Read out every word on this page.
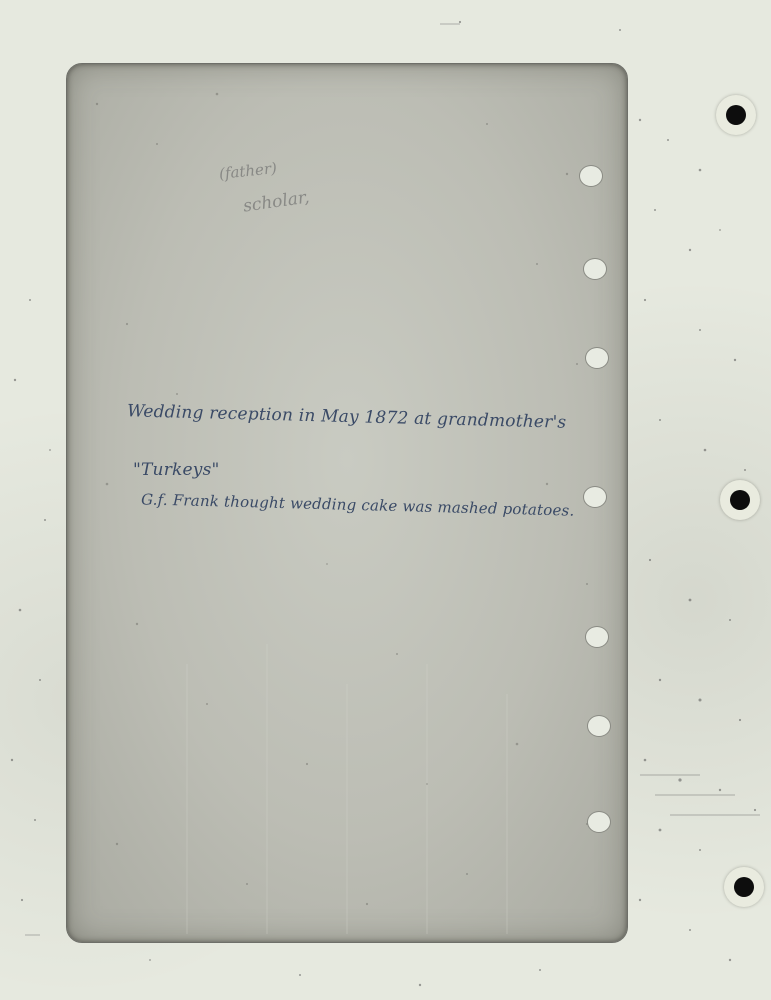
(father)
scholar,
Wedding reception in May 1872 at grandmother's
"Turkeys"
G.f. Frank thought wedding cake was mashed potatoes.
